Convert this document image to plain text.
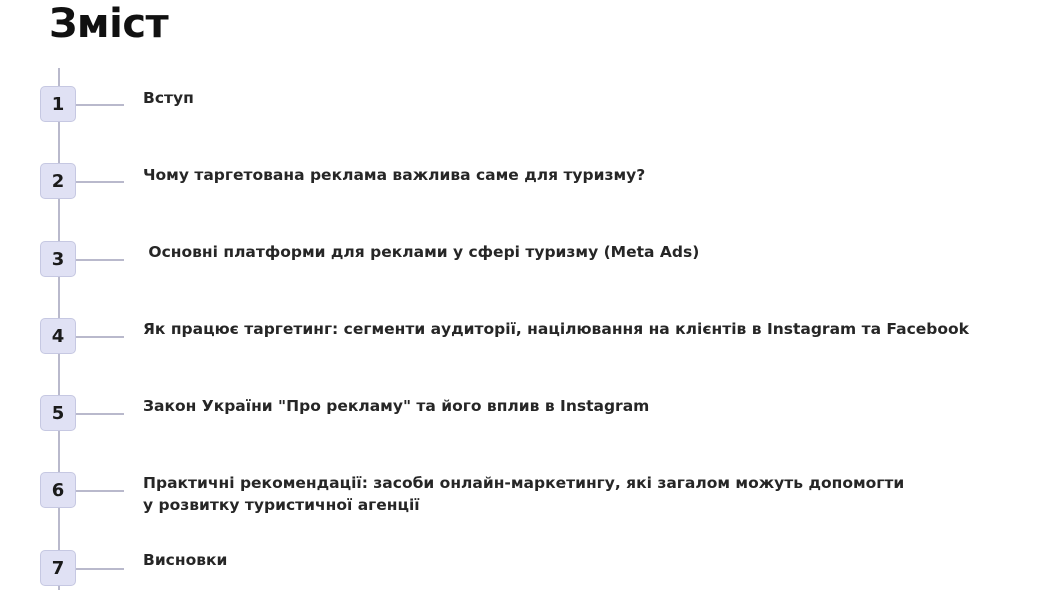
Зміст
1	Вступ
2	Чому таргетована реклама важлива саме для туризму?
3	Основні платформи для реклами у сфері туризму (Meta Ads)
4	Як працює таргетинг: сегменти аудиторії, націлювання на клієнтів в Instagram та Facebook
5	Закон України "Про рекламу" та його вплив в Instagram
6	Практичні рекомендації: засоби онлайн-маркетингу, які загалом можуть допомогти
у розвитку туристичної агенції
7	Висновки
